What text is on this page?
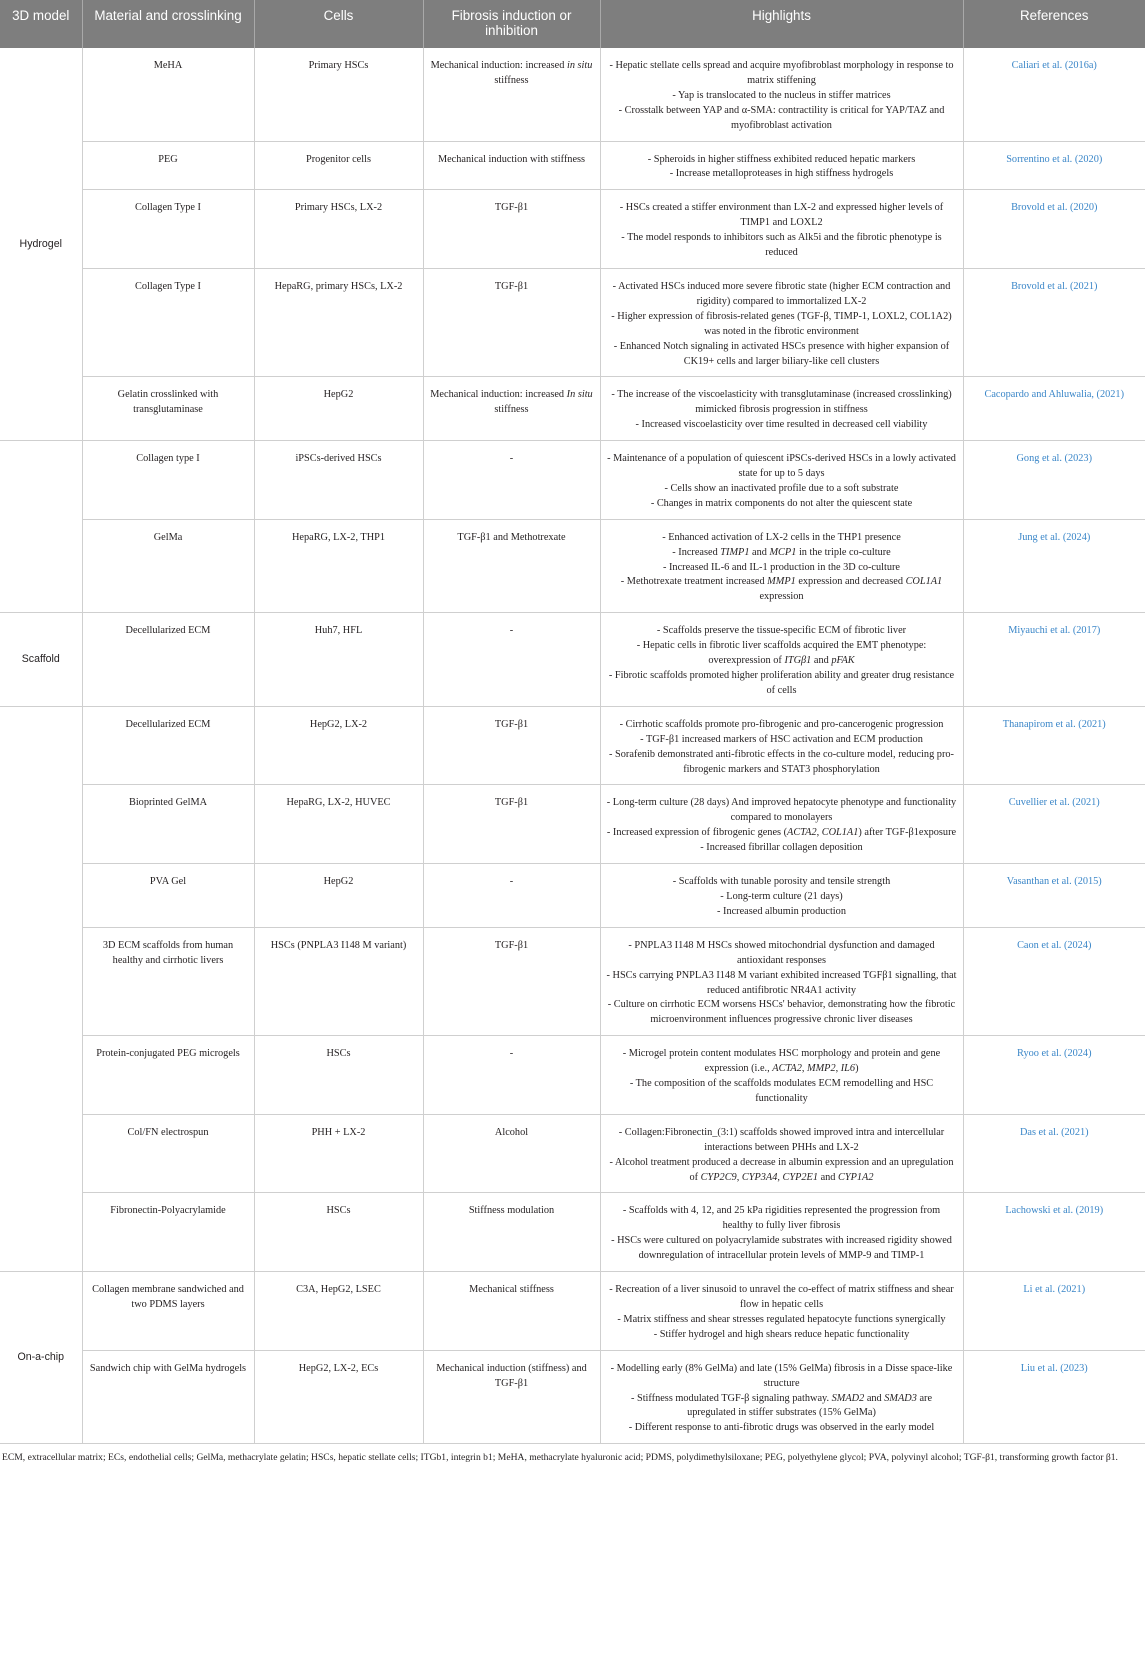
3D model	Material and crosslinking	Cells	Fibrosis induction or inhibition	Highlights	References
Hydrogel	MeHA	Primary HSCs	Mechanical induction: increased in situ stiffness	- Hepatic stellate cells spread and acquire myofibroblast morphology in response to matrix stiffening
- Yap is translocated to the nucleus in stiffer matrices
- Crosstalk between YAP and α-SMA: contractility is critical for YAP/TAZ and myofibroblast activation	Caliari et al. (2016a)
	PEG	Progenitor cells	Mechanical induction with stiffness	- Spheroids in higher stiffness exhibited reduced hepatic markers
- Increase metalloproteases in high stiffness hydrogels	Sorrentino et al. (2020)
	Collagen Type I	Primary HSCs, LX-2	TGF-β1	- HSCs created a stiffer environment than LX-2 and expressed higher levels of TIMP1 and LOXL2
- The model responds to inhibitors such as Alk5i and the fibrotic phenotype is reduced	Brovold et al. (2020)
	Collagen Type I	HepaRG, primary HSCs, LX-2	TGF-β1	- Activated HSCs induced more severe fibrotic state (higher ECM contraction and rigidity) compared to immortalized LX-2
- Higher expression of fibrosis-related genes (TGF-β, TIMP-1, LOXL2, COL1A2) was noted in the fibrotic environment
- Enhanced Notch signaling in activated HSCs presence with higher expansion of CK19+ cells and larger biliary-like cell clusters	Brovold et al. (2021)
	Gelatin crosslinked with transglutaminase	HepG2	Mechanical induction: increased In situ stiffness	- The increase of the viscoelasticity with transglutaminase (increased crosslinking) mimicked fibrosis progression in stiffness
- Increased viscoelasticity over time resulted in decreased cell viability	Cacopardo and Ahluwalia, (2021)
	Collagen type I	iPSCs-derived HSCs	-	- Maintenance of a population of quiescent iPSCs-derived HSCs in a lowly activated state for up to 5 days
- Cells show an inactivated profile due to a soft substrate
- Changes in matrix components do not alter the quiescent state	Gong et al. (2023)
	GelMa	HepaRG, LX-2, THP1	TGF-β1 and Methotrexate	- Enhanced activation of LX-2 cells in the THP1 presence
- Increased TIMP1 and MCP1 in the triple co-culture
- Increased IL-6 and IL-1 production in the 3D co-culture
- Methotrexate treatment increased MMP1 expression and decreased COL1A1 expression	Jung et al. (2024)
Scaffold	Decellularized ECM	Huh7, HFL	-	- Scaffolds preserve the tissue-specific ECM of fibrotic liver
- Hepatic cells in fibrotic liver scaffolds acquired the EMT phenotype: overexpression of ITGβ1 and pFAK
- Fibrotic scaffolds promoted higher proliferation ability and greater drug resistance of cells	Miyauchi et al. (2017)
	Decellularized ECM	HepG2, LX-2	TGF-β1	- Cirrhotic scaffolds promote pro-fibrogenic and pro-cancerogenic progression
- TGF-β1 increased markers of HSC activation and ECM production
- Sorafenib demonstrated anti-fibrotic effects in the co-culture model, reducing pro-fibrogenic markers and STAT3 phosphorylation	Thanapirom et al. (2021)
	Bioprinted GelMA	HepaRG, LX-2, HUVEC	TGF-β1	- Long-term culture (28 days) And improved hepatocyte phenotype and functionality compared to monolayers
- Increased expression of fibrogenic genes (ACTA2, COL1A1) after TGF-β1exposure
- Increased fibrillar collagen deposition	Cuvellier et al. (2021)
	PVA Gel	HepG2	-	- Scaffolds with tunable porosity and tensile strength
- Long-term culture (21 days)
- Increased albumin production	Vasanthan et al. (2015)
	3D ECM scaffolds from human healthy and cirrhotic livers	HSCs (PNPLA3 I148 M variant)	TGF-β1	- PNPLA3 I148 M HSCs showed mitochondrial dysfunction and damaged antioxidant responses
- HSCs carrying PNPLA3 I148 M variant exhibited increased TGFβ1 signalling, that reduced antifibrotic NR4A1 activity
- Culture on cirrhotic ECM worsens HSCs' behavior, demonstrating how the fibrotic microenvironment influences progressive chronic liver diseases	Caon et al. (2024)
	Protein-conjugated PEG microgels	HSCs	-	- Microgel protein content modulates HSC morphology and protein and gene expression (i.e., ACTA2, MMP2, IL6)
- The composition of the scaffolds modulates ECM remodelling and HSC functionality	Ryoo et al. (2024)
	Col/FN electrospun	PHH + LX-2	Alcohol	- Collagen:Fibronectin_(3:1) scaffolds showed improved intra and intercellular interactions between PHHs and LX-2
- Alcohol treatment produced a decrease in albumin expression and an upregulation of CYP2C9, CYP3A4, CYP2E1 and CYP1A2	Das et al. (2021)
	Fibronectin-Polyacrylamide	HSCs	Stiffness modulation	- Scaffolds with 4, 12, and 25 kPa rigidities represented the progression from healthy to fully liver fibrosis
- HSCs were cultured on polyacrylamide substrates with increased rigidity showed downregulation of intracellular protein levels of MMP-9 and TIMP-1	Lachowski et al. (2019)
On-a-chip	Collagen membrane sandwiched and two PDMS layers	C3A, HepG2, LSEC	Mechanical stiffness	- Recreation of a liver sinusoid to unravel the co-effect of matrix stiffness and shear flow in hepatic cells
- Matrix stiffness and shear stresses regulated hepatocyte functions synergically
- Stiffer hydrogel and high shears reduce hepatic functionality	Li et al. (2021)
	Sandwich chip with GelMa hydrogels	HepG2, LX-2, ECs	Mechanical induction (stiffness) and TGF-β1	- Modelling early (8% GelMa) and late (15% GelMa) fibrosis in a Disse space-like structure
- Stiffness modulated TGF-β signaling pathway. SMAD2 and SMAD3 are upregulated in stiffer substrates (15% GelMa)
- Different response to anti-fibrotic drugs was observed in the early model	Liu et al. (2023)
ECM, extracellular matrix; ECs, endothelial cells; GelMa, methacrylate gelatin; HSCs, hepatic stellate cells; ITGb1, integrin b1; MeHA, methacrylate hyaluronic acid; PDMS, polydimethylsiloxane; PEG, polyethylene glycol; PVA, polyvinyl alcohol; TGF-β1, transforming growth factor β1.
